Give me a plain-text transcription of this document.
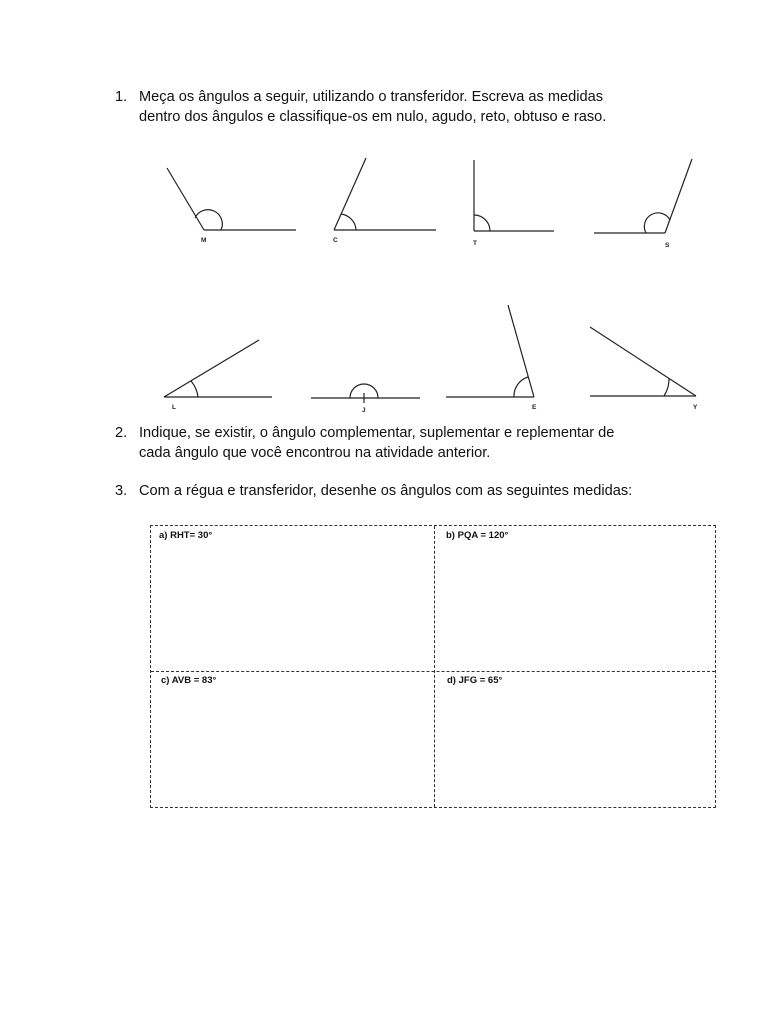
1. Meça os ângulos a seguir, utilizando o transferidor. Escreva as medidas
dentro dos ângulos e classifique-os em nulo, agudo, reto, obtuso e raso.
M	C	T	S
L	J	E	Y
2. Indique, se existir, o ângulo complementar, suplementar e replementar de
cada ângulo que você encontrou na atividade anterior.
3. Com a régua e transferidor, desenhe os ângulos com as seguintes medidas:
a) RHT= 30°	b) PQA = 120°
c) AVB = 83°	d) JFG = 65°
